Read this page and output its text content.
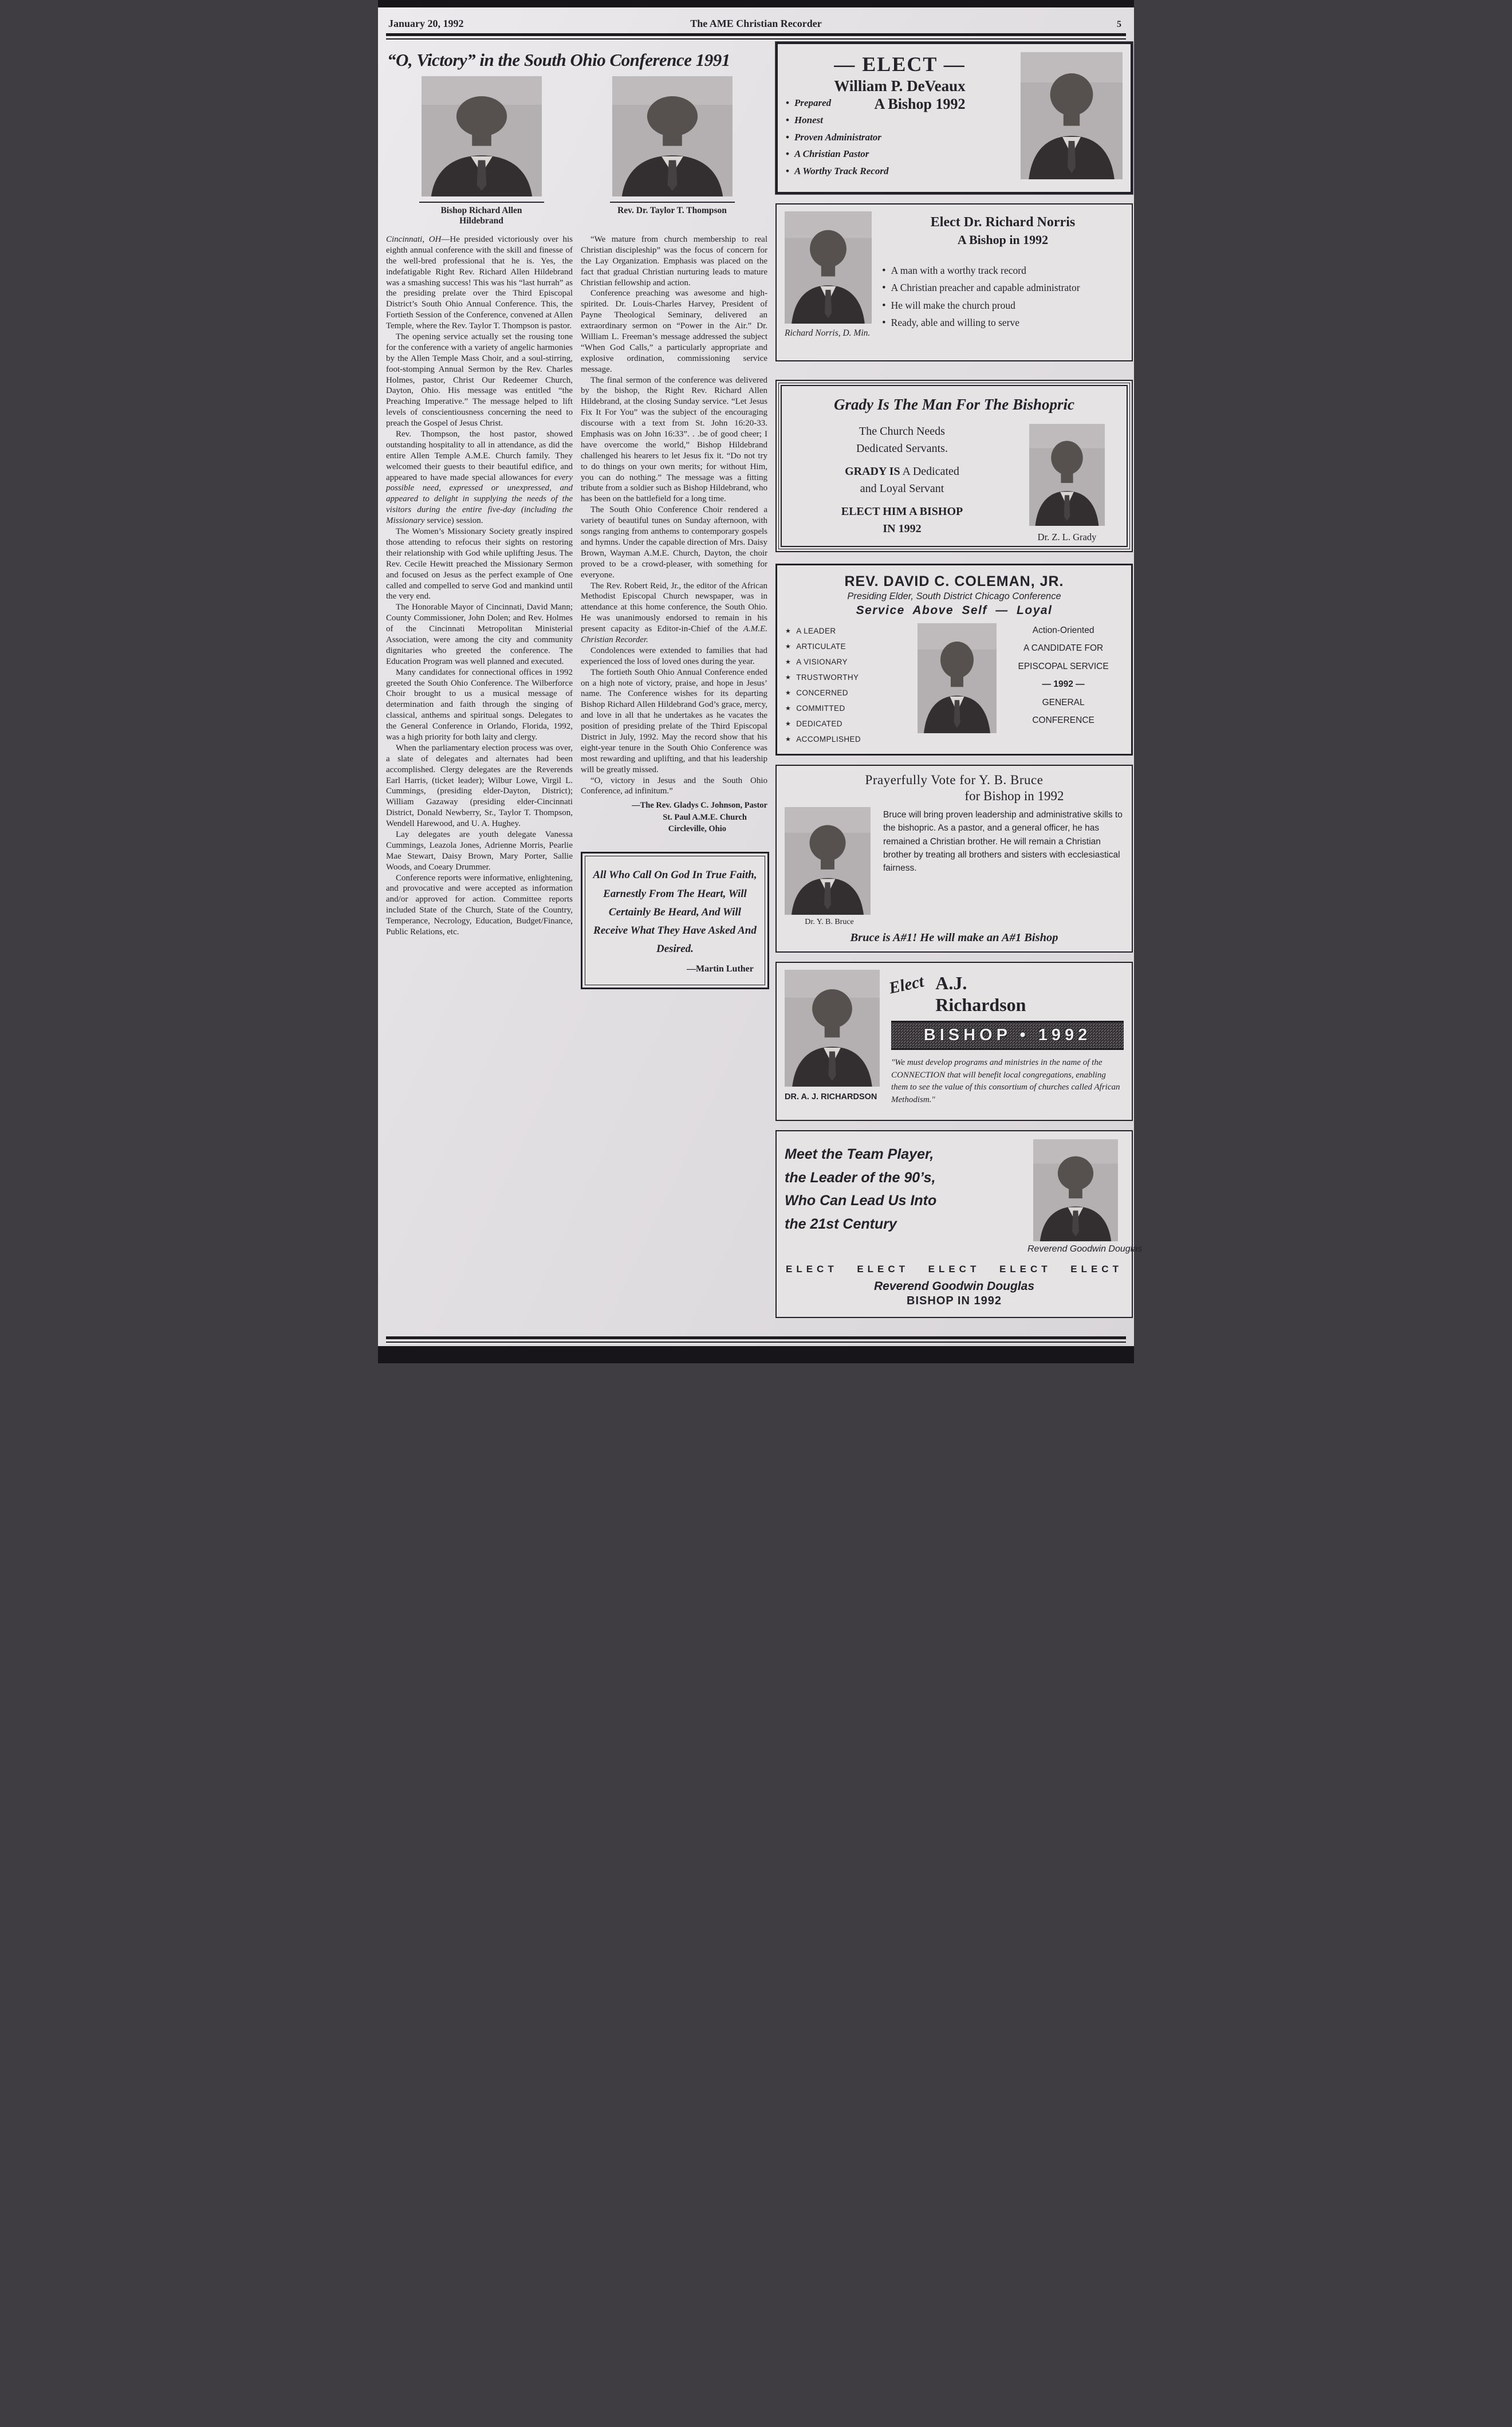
January 20, 1992	The AME Christian Recorder	5
“O, Victory” in the South Ohio Conference 1991
Bishop Richard Allen Hildebrand
Rev. Dr. Taylor T. Thompson

Cincinnati, OH—He presided victoriously over his eighth annual conference with the skill and finesse of the well-bred professional that he is. Yes, the indefatigable Right Rev. Richard Allen Hildebrand was a smashing success! This was his “last hurrah” as the presiding prelate over the Third Episcopal District’s South Ohio Annual Conference. This, the Fortieth Session of the Conference, convened at Allen Temple, where the Rev. Taylor T. Thompson is pastor.

The opening service actually set the rousing tone for the conference with a variety of angelic harmonies by the Allen Temple Mass Choir, and a soul-stirring, foot-stomping Annual Sermon by the Rev. Charles Holmes, pastor, Christ Our Redeemer Church, Dayton, Ohio. His message was entitled “the Preaching Imperative.” The message helped to lift levels of conscientiousness concerning the need to preach the Gospel of Jesus Christ.

Rev. Thompson, the host pastor, showed outstanding hospitality to all in attendance, as did the entire Allen Temple A.M.E. Church family. They welcomed their guests to their beautiful edifice, and appeared to have made special allowances for every possible need, expressed or unexpressed, and appeared to delight in supplying the needs of the visitors during the entire five-day (including the Missionary service) session.

The Women’s Missionary Society greatly inspired those attending to refocus their sights on restoring their relationship with God while uplifting Jesus. The Rev. Cecile Hewitt preached the Missionary Sermon and focused on Jesus as the perfect example of One called and compelled to serve God and mankind until the very end.

The Honorable Mayor of Cincinnati, David Mann; County Commissioner, John Dolen; and Rev. Holmes of the Cincinnati Metropolitan Ministerial Association, were among the city and community dignitaries who greeted the conference. The Education Program was well planned and executed.

Many candidates for connectional offices in 1992 greeted the South Ohio Conference. The Wilberforce Choir brought to us a musical message of determination and faith through the singing of classical, anthems and spiritual songs. Delegates to the General Conference in Orlando, Florida, 1992, was a high priority for both laity and clergy.

When the parliamentary election process was over, a slate of delegates and alternates had been accomplished. Clergy delegates are the Reverends Earl Harris, (ticket leader); Wilbur Lowe, Virgil L. Cummings, (presiding elder-Dayton, District); William Gazaway (presiding elder-Cincinnati District, Donald Newberry, Sr., Taylor T. Thompson, Wendell Harewood, and U. A. Hughey.

Lay delegates are youth delegate Vanessa Cummings, Leazola Jones, Adrienne Morris, Pearlie Mae Stewart, Daisy Brown, Mary Porter, Sallie Woods, and Coeary Drummer.

Conference reports were informative, enlightening, and provocative and were accepted as information and/or approved for action. Committee reports included State of the Church, State of the Country, Temperance, Necrology, Education, Budget/Finance, Public Relations, etc.

“We mature from church membership to real Christian discipleship” was the focus of concern for the Lay Organization. Emphasis was placed on the fact that gradual Christian nurturing leads to mature Christian fellowship and action.

Conference preaching was awesome and high-spirited. Dr. Louis-Charles Harvey, President of Payne Theological Seminary, delivered an extraordinary sermon on “Power in the Air.” Dr. William L. Freeman’s message addressed the subject “When God Calls,” a particularly appropriate and explosive ordination, commissioning service message.

The final sermon of the conference was delivered by the bishop, the Right Rev. Richard Allen Hildebrand, at the closing Sunday service. “Let Jesus Fix It For You” was the subject of the encouraging discourse with a text from St. John 16:20-33. Emphasis was on John 16:33”. . .be of good cheer; I have overcome the world,” Bishop Hildebrand challenged his hearers to let Jesus fix it. “Do not try to do things on your own merits; for without Him, you can do nothing.” The message was a fitting tribute from a soldier such as Bishop Hildebrand, who has been on the battlefield for a long time.

The South Ohio Conference Choir rendered a variety of beautiful tunes on Sunday afternoon, with songs ranging from anthems to contemporary gospels and hymns. Under the capable direction of Mrs. Daisy Brown, Wayman A.M.E. Church, Dayton, the choir proved to be a crowd-pleaser, with something for everyone.

The Rev. Robert Reid, Jr., the editor of the African Methodist Episcopal Church newspaper, was in attendance at this home conference, the South Ohio. He was unanimously endorsed to remain in his present capacity as Editor-in-Chief of the A.M.E. Christian Recorder.

Condolences were extended to families that had experienced the loss of loved ones during the year.

The fortieth South Ohio Annual Conference ended on a high note of victory, praise, and hope in Jesus’ name. The Conference wishes for its departing Bishop Richard Allen Hildebrand God’s grace, mercy, and love in all that he undertakes as he vacates the position of presiding prelate of the Third Episcopal District in July, 1992. May the record show that his eight-year tenure in the South Ohio Conference was most rewarding and uplifting, and that his leadership will be greatly missed.

“O, victory in Jesus and the South Ohio Conference, ad infinitum.”

—The Rev. Gladys C. Johnson, Pastor
St. Paul A.M.E. Church
Circleville, Ohio
All Who Call On God In True Faith, Earnestly From The Heart, Will Certainly Be Heard, And Will Receive What They Have Asked And Desired.
—Martin Luther
— ELECT —
William P. DeVeaux
A Bishop 1992
• Prepared
• Honest
• Proven Administrator
• A Christian Pastor
• A Worthy Track Record
Richard Norris, D. Min.
Elect Dr. Richard Norris
A Bishop in 1992
• A man with a worthy track record
• A Christian preacher and capable administrator
• He will make the church proud
• Ready, able and willing to serve
Grady Is The Man For The Bishopric
The Church Needs
Dedicated Servants.
GRADY IS A Dedicated
and Loyal Servant
ELECT HIM A BISHOP
IN 1992
Dr. Z. L. Grady
REV. DAVID C. COLEMAN, JR.
Presiding Elder, South District Chicago Conference
Service Above Self — Loyal
★ A LEADER
★ ARTICULATE
★ A VISIONARY
★ TRUSTWORTHY
★ CONCERNED
★ COMMITTED
★ DEDICATED
★ ACCOMPLISHED
Action-Oriented
A CANDIDATE FOR
EPISCOPAL SERVICE
— 1992 —
GENERAL
CONFERENCE
Prayerfully Vote for Y. B. Bruce
for Bishop in 1992
Dr. Y. B. Bruce
Bruce will bring proven leadership and administrative skills to the bishopric. As a pastor, and a general officer, he has remained a Christian brother. He will remain a Christian brother by treating all brothers and sisters with ecclesiastical fairness.
Bruce is A#1! He will make an A#1 Bishop
DR. A. J. RICHARDSON
Elect A.J.
Richardson
BISHOP • 1992
"We must develop programs and ministries in the name of the CONNECTION that will benefit local congregations, enabling them to see the value of this consortium of churches called African Methodism."
Meet the Team Player,
the Leader of the 90’s,
Who Can Lead Us Into
the 21st Century
Reverend Goodwin Douglas
ELECT ELECT ELECT ELECT ELECT
Reverend Goodwin Douglas
BISHOP IN 1992
